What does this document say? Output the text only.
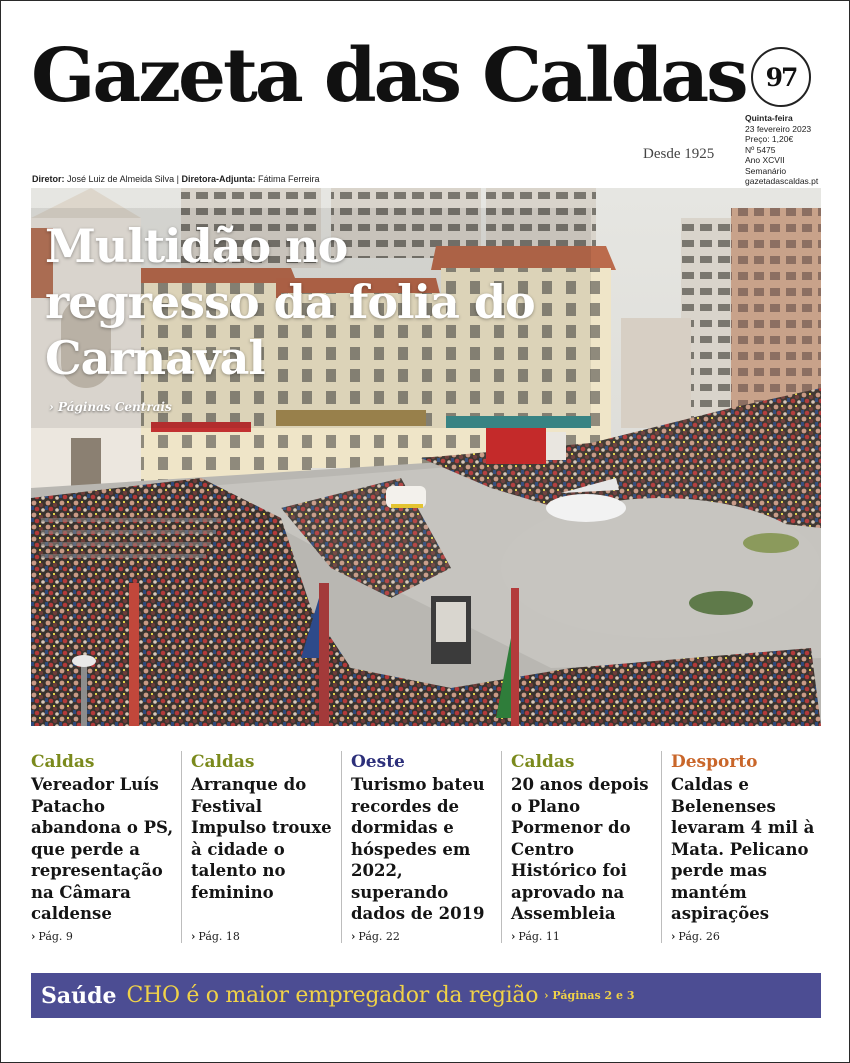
Gazeta das Caldas
Desde 1925
97
Quinta-feira
23 fevereiro 2023
Preço: 1,20€
Nº 5475
Ano XCVII
Semanário
gazetadascaldas.pt
Diretor: José Luiz de Almeida Silva | Diretora-Adjunta: Fátima Ferreira
Multidão no regresso da folia do Carnaval
› Páginas Centrais
Caldas
Vereador Luís Patacho abandona o PS, que perde a representação na Câmara caldense
› Pág. 9
Caldas
Arranque do Festival Impulso trouxe à cidade o talento no feminino
› Pág. 18
Oeste
Turismo bateu recordes de dormidas e hóspedes em 2022, superando dados de 2019
› Pág. 22
Caldas
20 anos depois o Plano Pormenor do Centro Histórico foi aprovado na Assembleia
› Pág. 11
Desporto
Caldas e Belenenses levaram 4 mil à Mata. Pelicano perde mas mantém aspirações
› Pág. 26
Saúde CHO é o maior empregador da região › Páginas 2 e 3
